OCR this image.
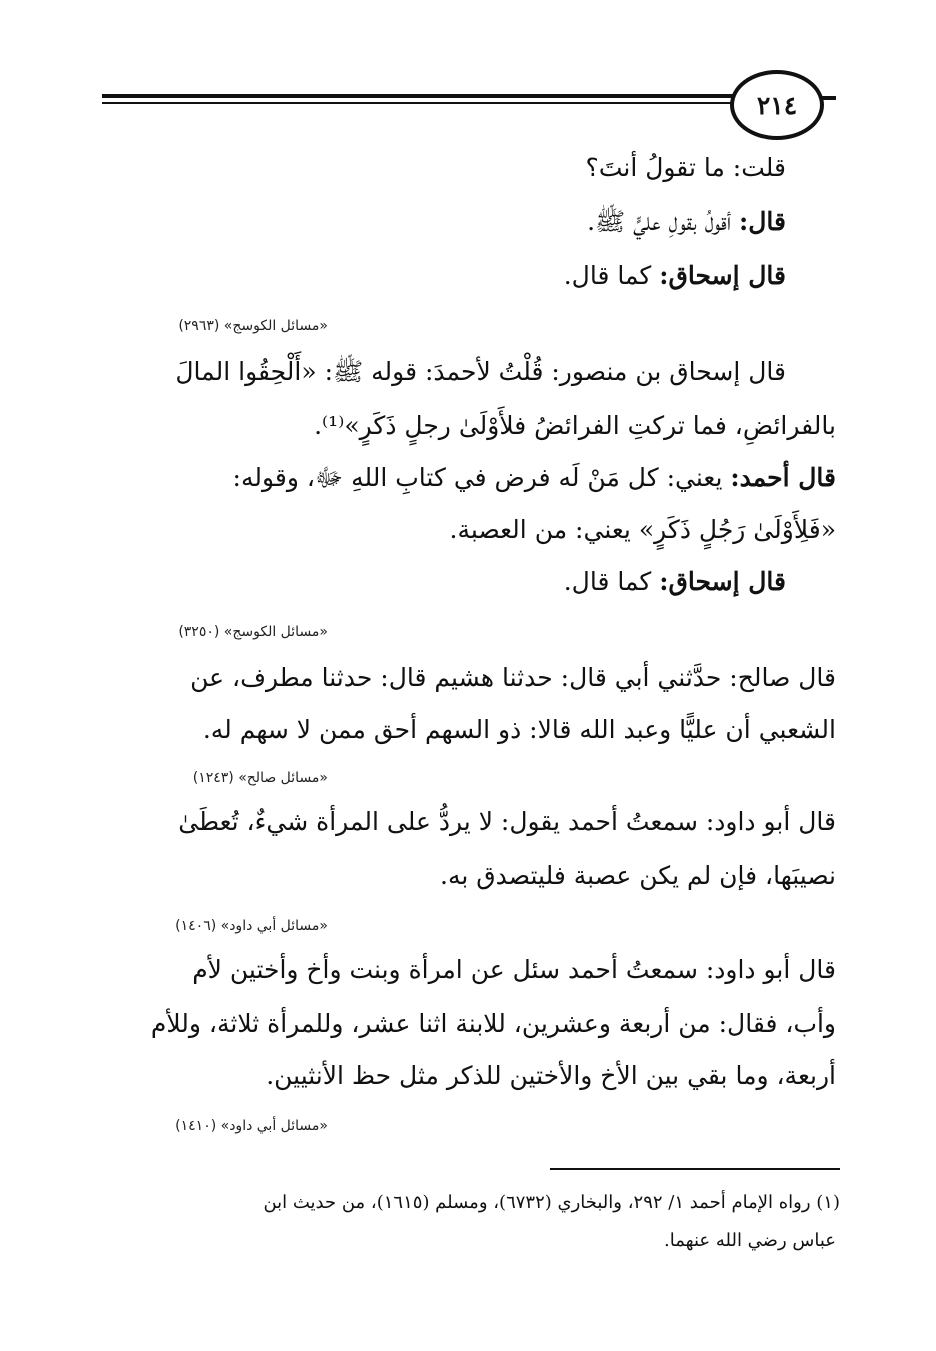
٢١٤
قلت: ما تقولُ أنتَ؟
قال: أقولُ بقولِ عليٍّ ﷺ.
قال إسحاق: كما قال.
«مسائل الكوسج» (٢٩٦٣)
قال إسحاق بن منصور: قُلْتُ لأحمدَ: قوله ﷺ: «أَلْحِقُوا المالَ
بالفرائضِ، فما تركتِ الفرائضُ فلأَوْلَىٰ رجلٍ ذَكَرٍ»⁽¹⁾.
قال أحمد: يعني: كل مَنْ لَه فرض في كتابِ اللهِ ﷻ، وقوله:
«فَلِأَوْلَىٰ رَجُلٍ ذَكَرٍ» يعني: من العصبة.
قال إسحاق: كما قال.
«مسائل الكوسج» (٣٢٥٠)
قال صالح: حدَّثني أبي قال: حدثنا هشيم قال: حدثنا مطرف، عن
الشعبي أن عليًّا وعبد الله قالا: ذو السهم أحق ممن لا سهم له.
«مسائل صالح» (١٢٤٣)
قال أبو داود: سمعتُ أحمد يقول: لا يردُّ على المرأة شيءٌ، تُعطَىٰ
نصيبَها، فإن لم يكن عصبة فليتصدق به.
«مسائل أبي داود» (١٤٠٦)
قال أبو داود: سمعتُ أحمد سئل عن امرأة وبنت وأخ وأختين لأم
وأب، فقال: من أربعة وعشرين، للابنة اثنا عشر، وللمرأة ثلاثة، وللأم
أربعة، وما بقي بين الأخ والأختين للذكر مثل حظ الأنثيين.
«مسائل أبي داود» (١٤١٠)
(١) رواه الإمام أحمد ١/ ٢٩٢، والبخاري (٦٧٣٢)، ومسلم (١٦١٥)، من حديث ابن
عباس رضي الله عنهما.
